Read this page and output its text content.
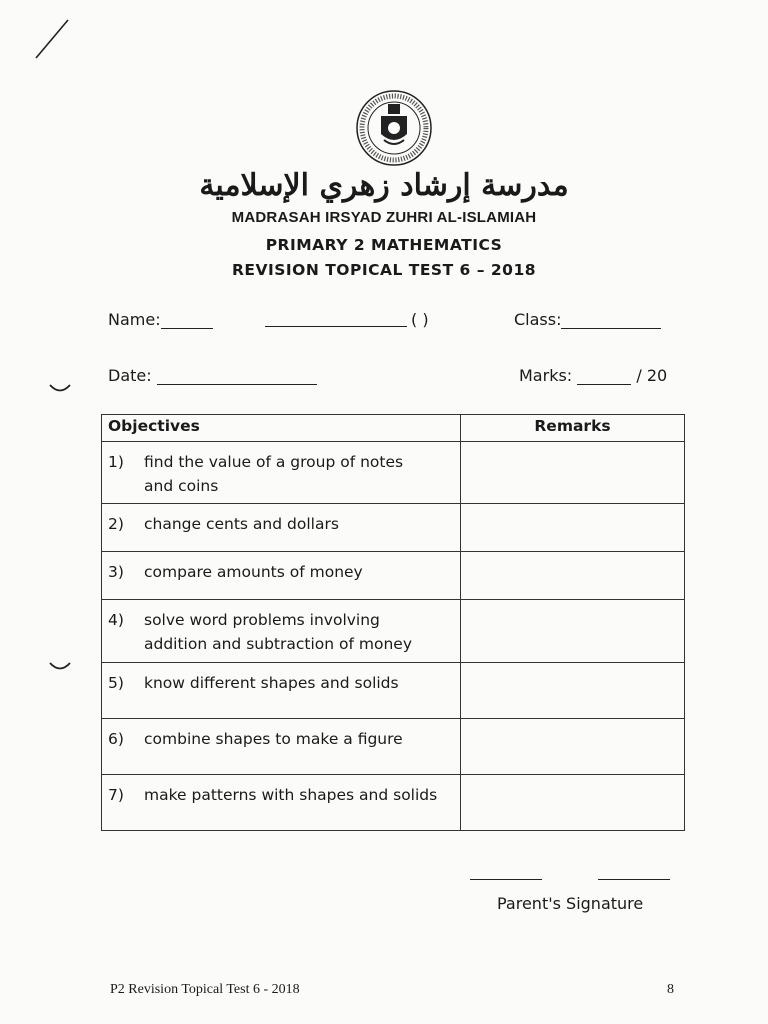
مدرسة إرشاد زهري الإسلامية
MADRASAH IRSYAD ZUHRI AL-ISLAMIAH
PRIMARY 2 MATHEMATICS
REVISION TOPICAL TEST 6 – 2018
Name:	( )	Class:
Date:	Marks:	/ 20
Objectives	Remarks

1) find the value of a group of notes
and coins	

2) change cents and dollars	

3) compare amounts of money	

4) solve word problems involving
addition and subtraction of money	

5) know different shapes and solids	

6) combine shapes to make a figure	

7) make patterns with shapes and solids	

Parent's Signature
P2 Revision Topical Test 6 - 2018	8
